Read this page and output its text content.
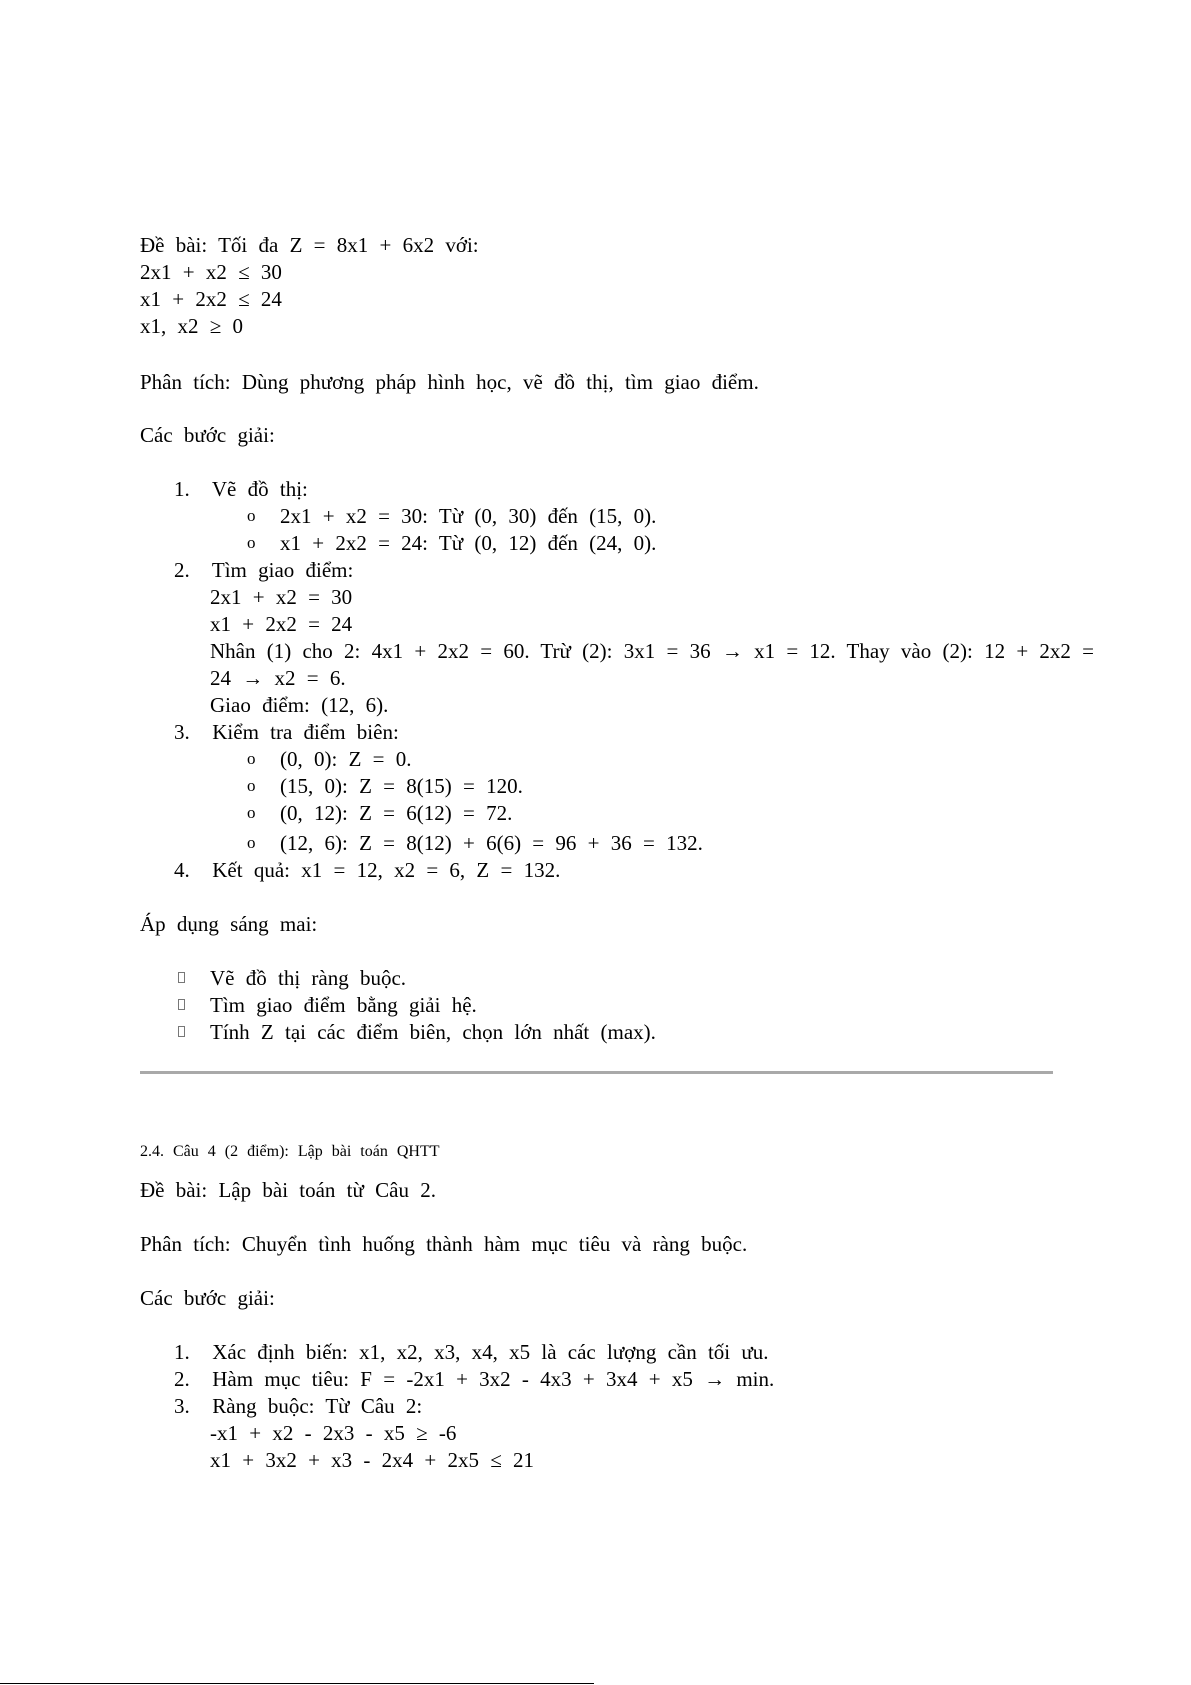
Đề bài: Tối đa Z = 8x1 + 6x2 với:

2x1 + x2 ≤ 30

x1 + 2x2 ≤ 24

x1, x2 ≥ 0

Phân tích: Dùng phương pháp hình học, vẽ đồ thị, tìm giao điểm.

Các bước giải:

1.  Vẽ đồ thị:

o 2x1 + x2 = 30: Từ (0, 30) đến (15, 0).

o x1 + 2x2 = 24: Từ (0, 12) đến (24, 0).

2.  Tìm giao điểm:

2x1 + x2 = 30

x1 + 2x2 = 24

Nhân (1) cho 2: 4x1 + 2x2 = 60. Trừ (2): 3x1 = 36 → x1 = 12. Thay vào (2): 12 + 2x2 =

24 → x2 = 6.

Giao điểm: (12, 6).

3.  Kiểm tra điểm biên:

o (0, 0): Z = 0.

o (15, 0): Z = 8(15) = 120.

o (0, 12): Z = 6(12) = 72.

o (12, 6): Z = 8(12) + 6(6) = 96 + 36 = 132.

4.  Kết quả: x1 = 12, x2 = 6, Z = 132.

Áp dụng sáng mai:

Vẽ đồ thị ràng buộc.

Tìm giao điểm bằng giải hệ.

Tính Z tại các điểm biên, chọn lớn nhất (max).

2.4. Câu 4 (2 điểm): Lập bài toán QHTT

Đề bài: Lập bài toán từ Câu 2.

Phân tích: Chuyển tình huống thành hàm mục tiêu và ràng buộc.

Các bước giải:

1.  Xác định biến: x1, x2, x3, x4, x5 là các lượng cần tối ưu.

2.  Hàm mục tiêu: F = -2x1 + 3x2 - 4x3 + 3x4 + x5 → min.

3.  Ràng buộc: Từ Câu 2:

-x1 + x2 - 2x3 - x5 ≥ -6

x1 + 3x2 + x3 - 2x4 + 2x5 ≤ 21
